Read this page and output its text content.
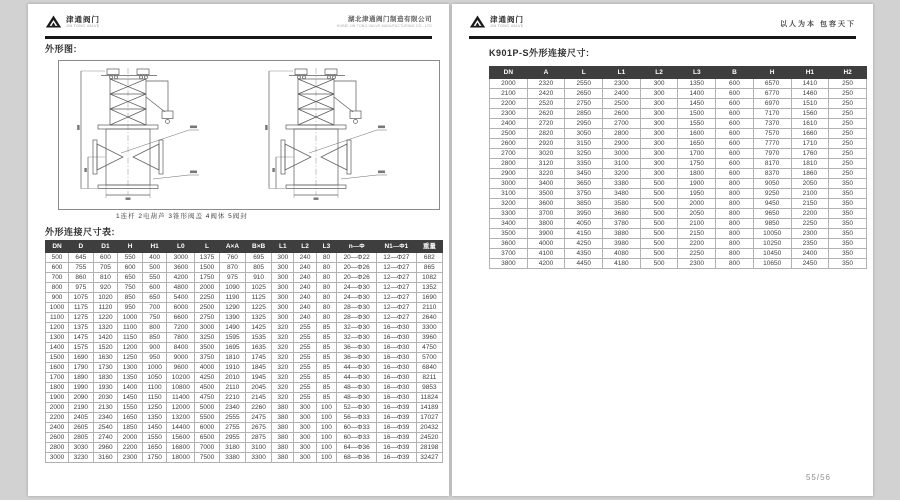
津通阀门
JIN TONG VALVE
湖北津通阀门制造有限公司
HUBEI JIN TONG VALVE MANUFACTURING CO., LTD
外形图:
1连杆 2电葫芦 3锥形阀盖 4阀体 5阀封
外形连接尺寸表:
DN	D	D1	H	H1	L0	L	A×A	B×B	L1	L2	L3	n—Φ	N1—Φ1	重量
500	645	600	550	400	3000	1375	760	695	300	240	80	20—Φ22	12—Φ27	682
600	755	705	600	500	3600	1500	870	805	300	240	80	20—Φ26	12—Φ27	865
700	860	810	650	550	4200	1750	975	910	300	240	80	20—Φ26	12—Φ27	1082
800	975	920	750	600	4800	2000	1090	1025	300	240	80	24—Φ30	12—Φ27	1352
900	1075	1020	850	650	5400	2250	1190	1125	300	240	80	24—Φ30	12—Φ27	1690
1000	1175	1120	950	700	6000	2500	1290	1225	300	240	80	28—Φ30	12—Φ27	2110
1100	1275	1220	1000	750	6600	2750	1390	1325	300	240	80	28—Φ30	12—Φ27	2640
1200	1375	1320	1100	800	7200	3000	1490	1425	320	255	85	32—Φ30	16—Φ30	3300
1300	1475	1420	1150	850	7800	3250	1595	1535	320	255	85	32—Φ30	16—Φ30	3960
1400	1575	1520	1200	900	8400	3500	1695	1635	320	255	85	36—Φ30	16—Φ30	4750
1500	1690	1630	1250	950	9000	3750	1810	1745	320	255	85	36—Φ30	16—Φ30	5700
1600	1790	1730	1300	1000	9600	4000	1910	1845	320	255	85	44—Φ30	16—Φ30	6840
1700	1890	1830	1350	1050	10200	4250	2010	1945	320	255	85	44—Φ30	16—Φ30	8211
1800	1990	1930	1400	1100	10800	4500	2110	2045	320	255	85	48—Φ30	16—Φ30	9853
1900	2090	2030	1450	1150	11400	4750	2210	2145	320	255	85	48—Φ30	16—Φ30	11824
2000	2190	2130	1550	1250	12000	5000	2340	2260	380	300	100	52—Φ30	16—Φ39	14189
2200	2405	2340	1650	1350	13200	5500	2555	2475	380	300	100	56—Φ33	16—Φ39	17027
2400	2605	2540	1850	1450	14400	6000	2755	2675	380	300	100	60—Φ33	16—Φ39	20432
2600	2805	2740	2000	1550	15600	6500	2955	2875	380	300	100	60—Φ33	16—Φ39	24520
2800	3030	2960	2200	1650	16800	7000	3180	3100	380	300	100	64—Φ36	16—Φ39	28198
3000	3230	3160	2300	1750	18000	7500	3380	3300	380	300	100	68—Φ36	16—Φ39	32427
津通阀门
JIN TONG VALVE	以人为本 包容天下
K901P-S外形连接尺寸:
DN	A	L	L1	L2	L3	B	H	H1	H2
2000	2320	2550	2300	300	1350	600	6570	1410	250
2100	2420	2650	2400	300	1400	600	6770	1460	250
2200	2520	2750	2500	300	1450	600	6970	1510	250
2300	2620	2850	2600	300	1500	600	7170	1560	250
2400	2720	2950	2700	300	1550	600	7370	1610	250
2500	2820	3050	2800	300	1600	600	7570	1660	250
2600	2920	3150	2900	300	1650	600	7770	1710	250
2700	3020	3250	3000	300	1700	600	7970	1760	250
2800	3120	3350	3100	300	1750	600	8170	1810	250
2900	3220	3450	3200	300	1800	600	8370	1860	250
3000	3400	3650	3380	500	1900	800	9050	2050	350
3100	3500	3750	3480	500	1950	800	9250	2100	350
3200	3600	3850	3580	500	2000	800	9450	2150	350
3300	3700	3950	3680	500	2050	800	9650	2200	350
3400	3800	4050	3780	500	2100	800	9850	2250	350
3500	3900	4150	3880	500	2150	800	10050	2300	350
3600	4000	4250	3980	500	2200	800	10250	2350	350
3700	4100	4350	4080	500	2250	800	10450	2400	350
3800	4200	4450	4180	500	2300	800	10650	2450	350
55/56
